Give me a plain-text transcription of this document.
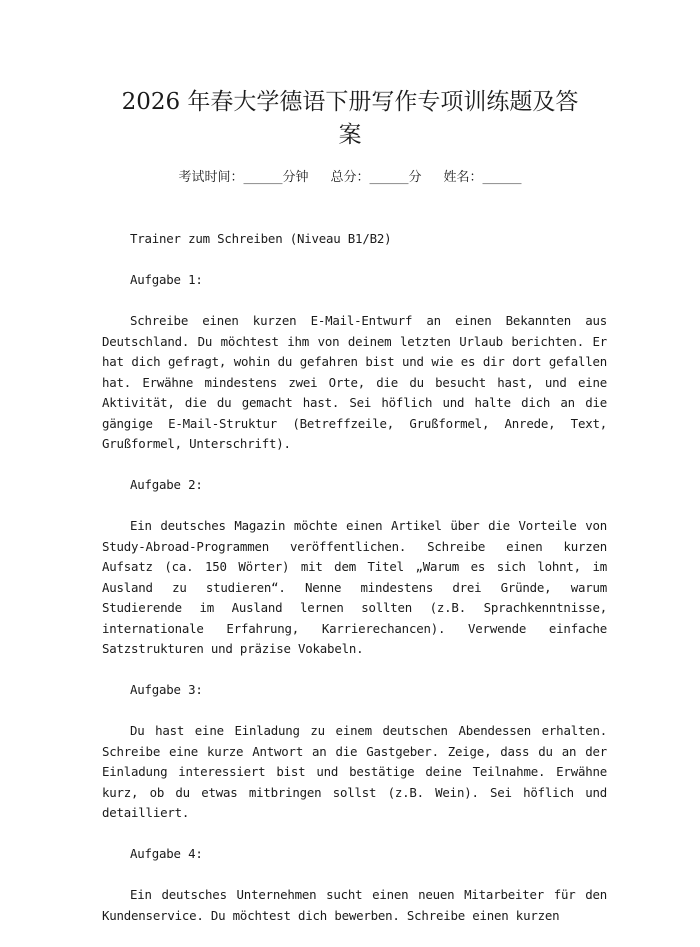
2026 年春大学德语下册写作专项训练题及答
案
考试时间：______分钟 总分：______分 姓名：______

Trainer zum Schreiben (Niveau B1/B2)

Aufgabe 1:

Schreibe einen kurzen E-Mail-Entwurf an einen Bekannten aus Deutschland. Du möchtest ihm von deinem letzten Urlaub berichten. Er hat dich gefragt, wohin du gefahren bist und wie es dir dort gefallen hat. Erwähne mindestens zwei Orte, die du besucht hast, und eine Aktivität, die du gemacht hast. Sei höflich und halte dich an die gängige E-Mail-Struktur (Betreffzeile, Grußformel, Anrede, Text, Grußformel, Unterschrift).

Aufgabe 2:

Ein deutsches Magazin möchte einen Artikel über die Vorteile von Study-Abroad-Programmen veröffentlichen. Schreibe einen kurzen Aufsatz (ca. 150 Wörter) mit dem Titel „Warum es sich lohnt, im Ausland zu studieren“. Nenne mindestens drei Gründe, warum Studierende im Ausland lernen sollten (z.B. Sprachkenntnisse, internationale Erfahrung, Karrierechancen). Verwende einfache Satzstrukturen und präzise Vokabeln.

Aufgabe 3:

Du hast eine Einladung zu einem deutschen Abendessen erhalten. Schreibe eine kurze Antwort an die Gastgeber. Zeige, dass du an der Einladung interessiert bist und bestätige deine Teilnahme. Erwähne kurz, ob du etwas mitbringen sollst (z.B. Wein). Sei höflich und detailliert.

Aufgabe 4:

Ein deutsches Unternehmen sucht einen neuen Mitarbeiter für den Kundenservice. Du möchtest dich bewerben. Schreibe einen kurzen
